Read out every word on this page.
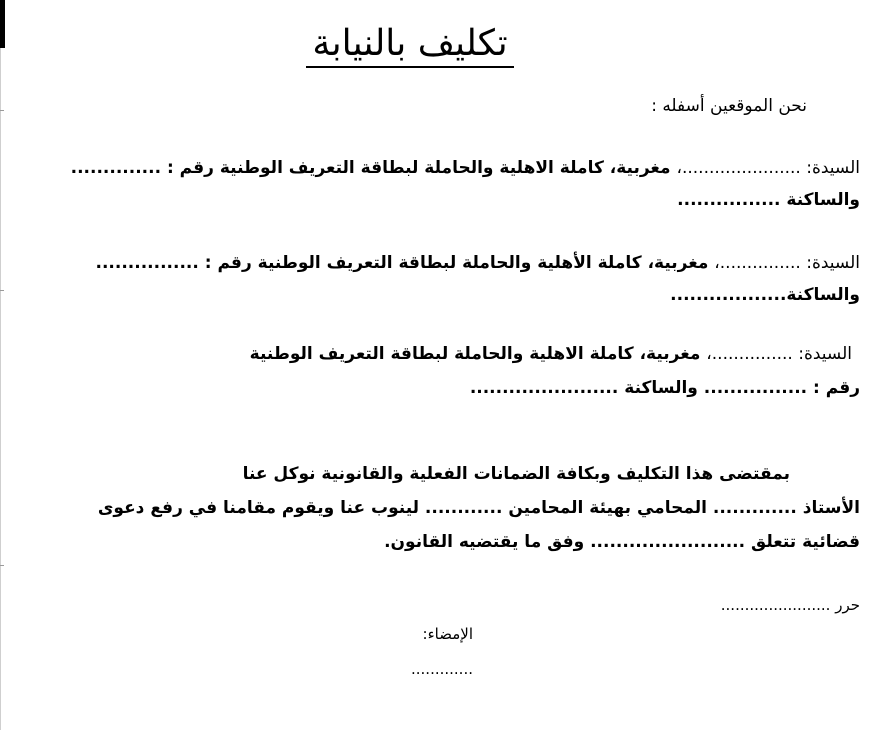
تكليف بالنيابة
نحن الموقعين أسفله :
السيدة: ......................، مغربية، كاملة الاهلية والحاملة لبطاقة التعريف الوطنية رقم : ..............
والساكنة ................
السيدة: ...............، مغربية، كاملة الأهلية والحاملة لبطاقة التعريف الوطنية رقم : ................
والساكنة..................
السيدة: ...............، مغربية، كاملة الاهلية والحاملة لبطاقة التعريف الوطنية
رقم : ................ والساكنة .......................
بمقتضى هذا التكليف وبكافة الضمانات الفعلية والقانونية نوكل عنا
الأستاذ ............. المحامي بهيئة المحامين ............ لينوب عنا ويقوم مقامنا في رفع دعوى
قضائية تتعلق ........................ وفق ما يقتضيه القانون.
حرر .......................
الإمضاء:
.............
